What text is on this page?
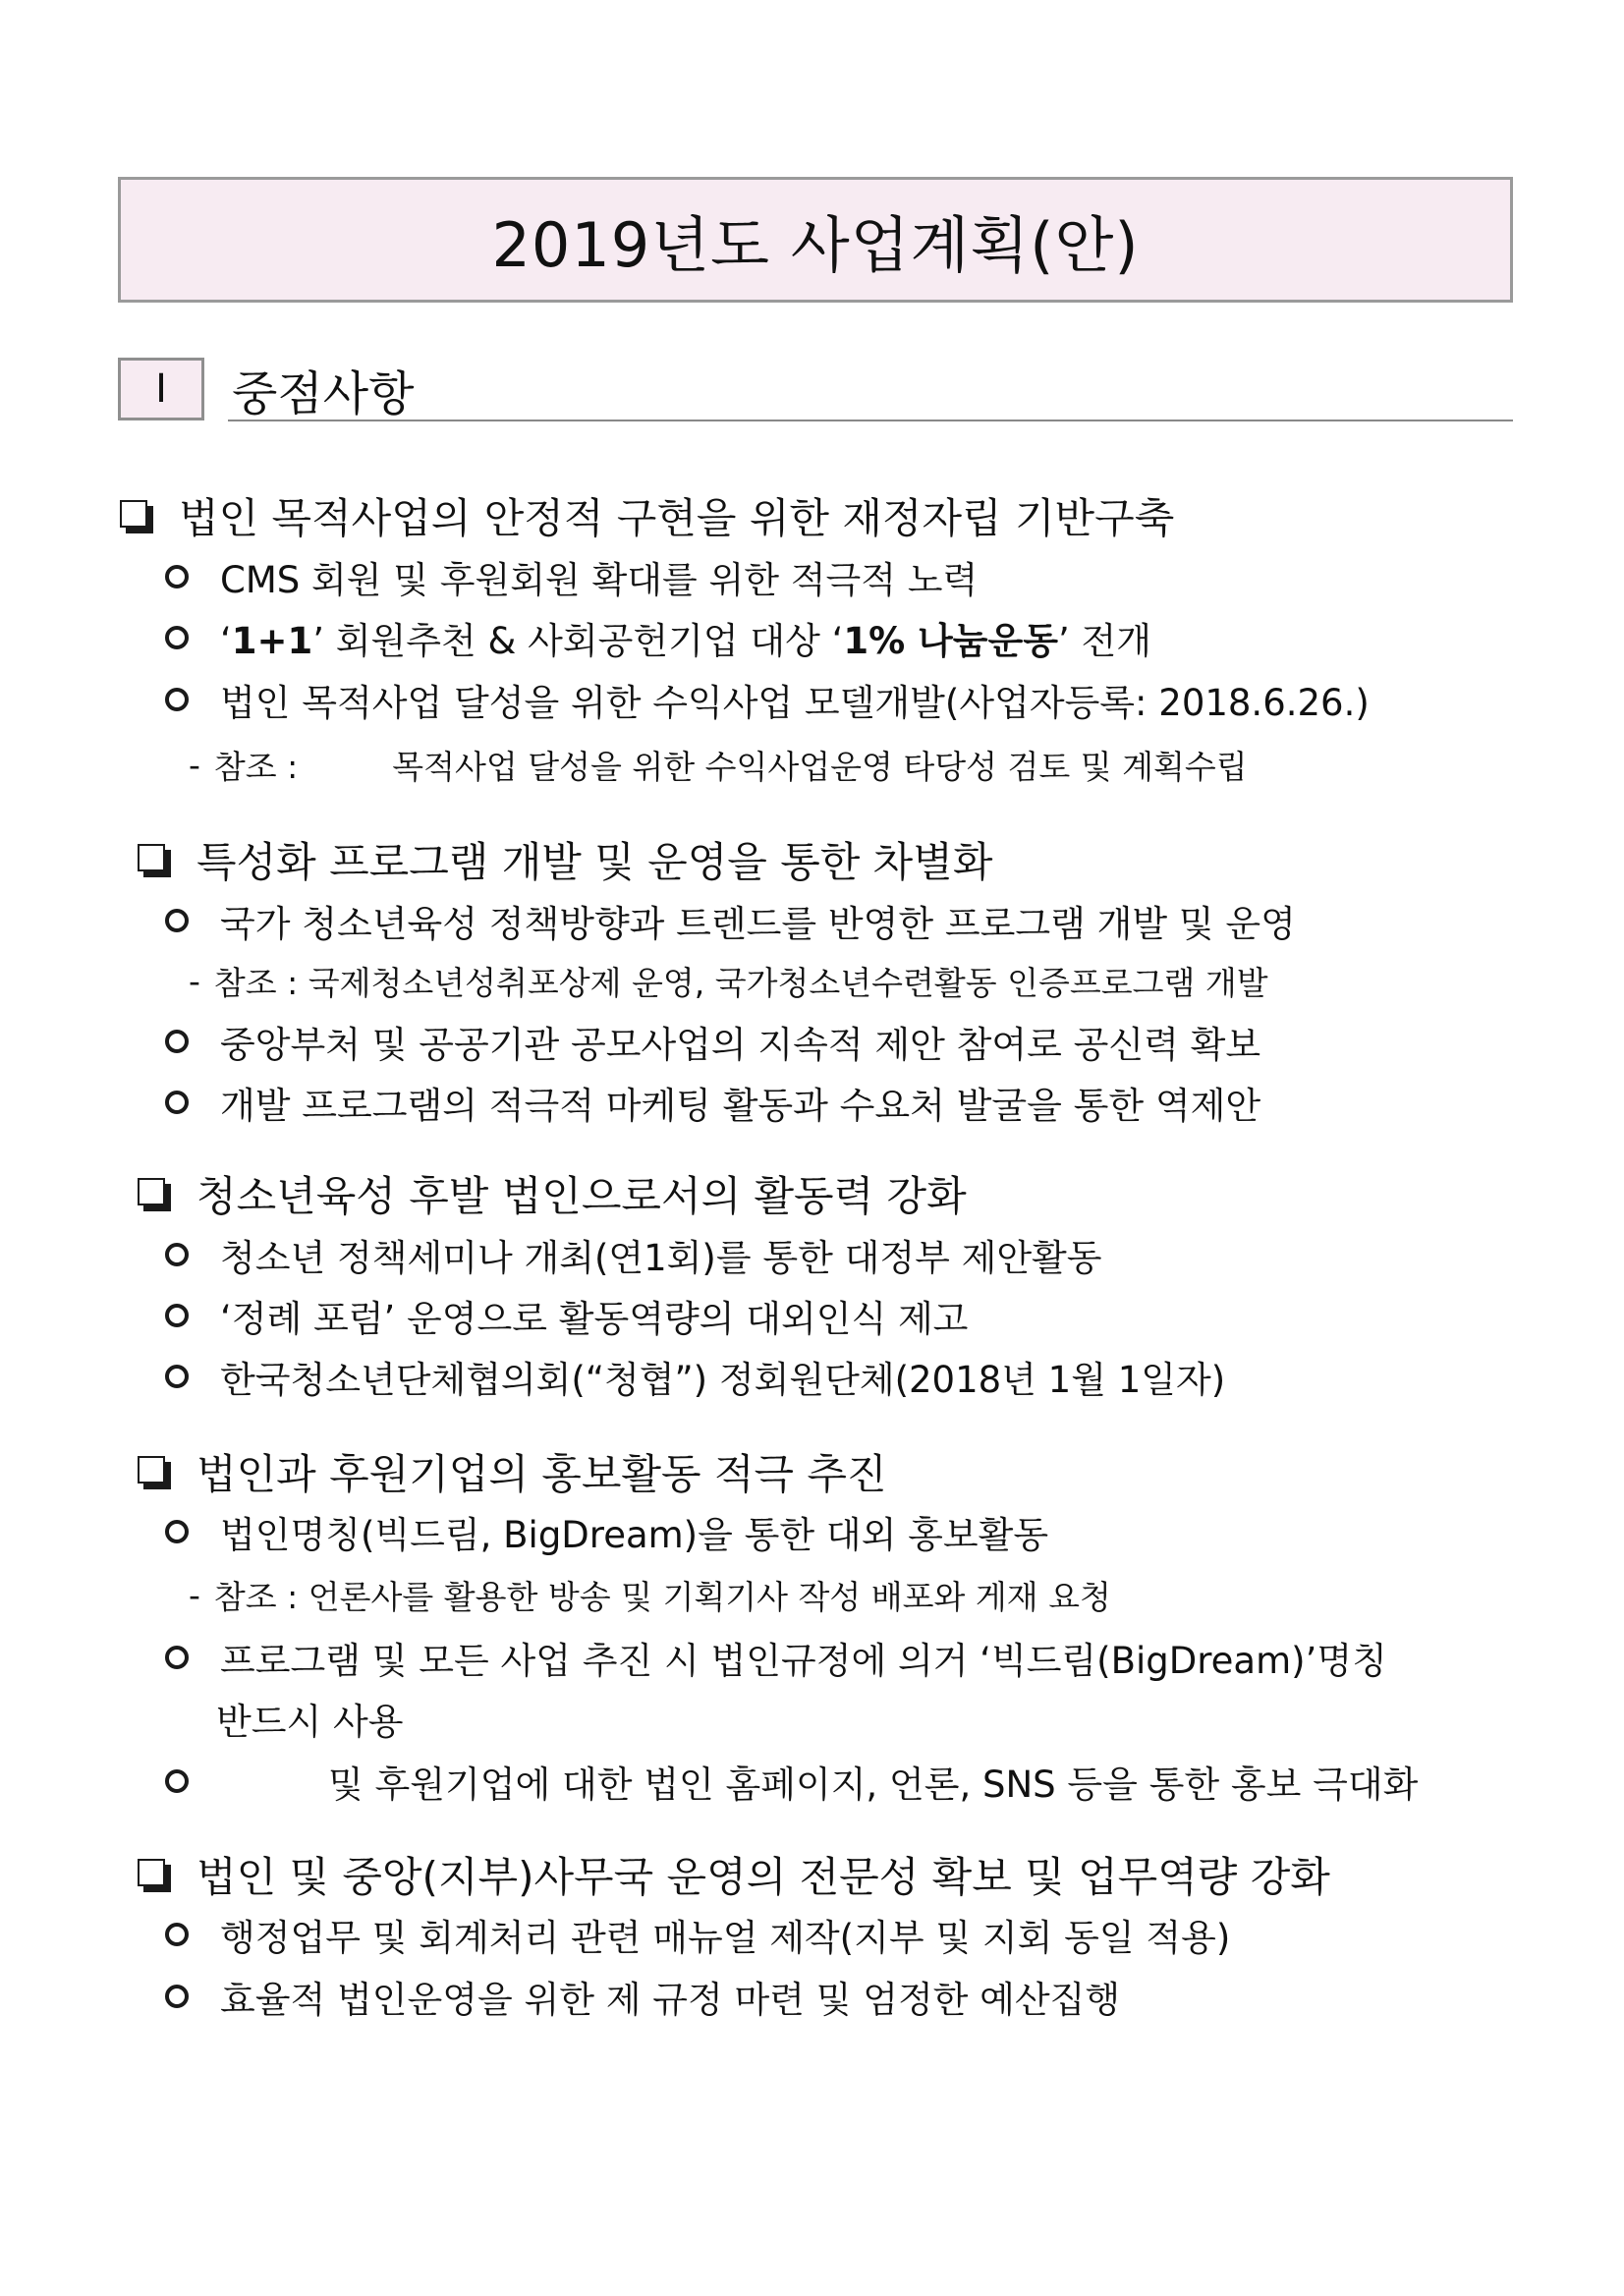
2019년도 사업계획(안)
Ⅰ 중점사항
법인 목적사업의 안정적 구현을 위한 재정자립 기반구축
CMS 회원 및 후원회원 확대를 위한 적극적 노력
‘1+1’ 회원추천 & 사회공헌기업 대상 ‘1% 나눔운동’ 전개
법인 목적사업 달성을 위한 수익사업 모델개발(사업자등록: 2018.6.26.)
- 참조 :	목적사업 달성을 위한 수익사업운영 타당성 검토 및 계획수립
특성화 프로그램 개발 및 운영을 통한 차별화
국가 청소년육성 정책방향과 트렌드를 반영한 프로그램 개발 및 운영
- 참조 : 국제청소년성취포상제 운영, 국가청소년수련활동 인증프로그램 개발
중앙부처 및 공공기관 공모사업의 지속적 제안 참여로 공신력 확보
개발 프로그램의 적극적 마케팅 활동과 수요처 발굴을 통한 역제안
청소년육성 후발 법인으로서의 활동력 강화
청소년 정책세미나 개최(연1회)를 통한 대정부 제안활동
‘정례 포럼’ 운영으로 활동역량의 대외인식 제고
한국청소년단체협의회(“청협”) 정회원단체(2018년 1월 1일자)
법인과 후원기업의 홍보활동 적극 추진
법인명칭(빅드림, BigDream)을 통한 대외 홍보활동
- 참조 : 언론사를 활용한 방송 및 기획기사 작성 배포와 게재 요청
프로그램 및 모든 사업 추진 시 법인규정에 의거 ‘빅드림(BigDream)’명칭
반드시 사용
및 후원기업에 대한 법인 홈페이지, 언론, SNS 등을 통한 홍보 극대화
법인 및 중앙(지부)사무국 운영의 전문성 확보 및 업무역량 강화
행정업무 및 회계처리 관련 매뉴얼 제작(지부 및 지회 동일 적용)
효율적 법인운영을 위한 제 규정 마련 및 엄정한 예산집행
